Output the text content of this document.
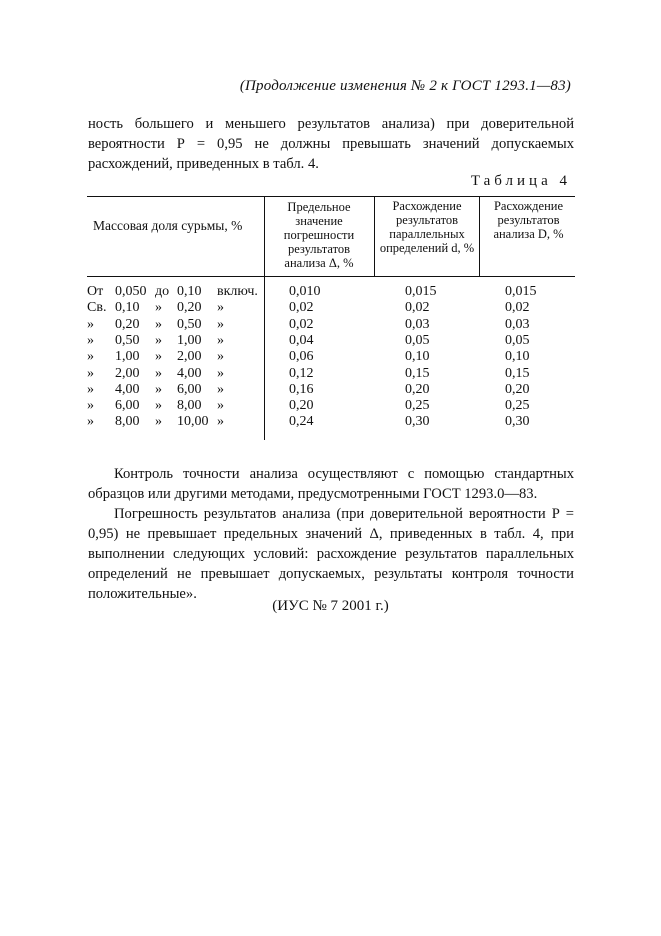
(Продолжение изменения № 2 к ГОСТ 1293.1—83)
ность большего и меньшего результатов анализа) при доверительной вероятности Р = 0,95 не должны превышать значений допускаемых расхождений, приведенных в табл. 4.
Таблица 4
Массовая доля сурьмы, %
Предельное значение погрешности результатов анализа Δ, %
Расхождение результатов параллельных определений d, %
Расхождение результатов анализа D, %
От 0,050 до 0,10 включ. 0,010	0,015	0,015
Св. 0,10 » 0,20 »	0,02	0,02	0,02
» 0,20 » 0,50 »	0,02	0,03	0,03
» 0,50 » 1,00 »	0,04	0,05	0,05
» 1,00 » 2,00 »	0,06	0,10	0,10
» 2,00 » 4,00 »	0,12	0,15	0,15
» 4,00 » 6,00 »	0,16	0,20	0,20
» 6,00 » 8,00 »	0,20	0,25	0,25
» 8,00 » 10,00 »	0,24	0,30	0,30
Контроль точности анализа осуществляют с помощью стандартных образцов или другими методами, предусмотренными ГОСТ 1293.0—83.
Погрешность результатов анализа (при доверительной вероятности Р = 0,95) не превышает предельных значений Δ, приведенных в табл. 4, при выполнении следующих условий: расхождение результатов параллельных определений не превышает допускаемых, результаты контроля точности положительные».
(ИУС № 7 2001 г.)
